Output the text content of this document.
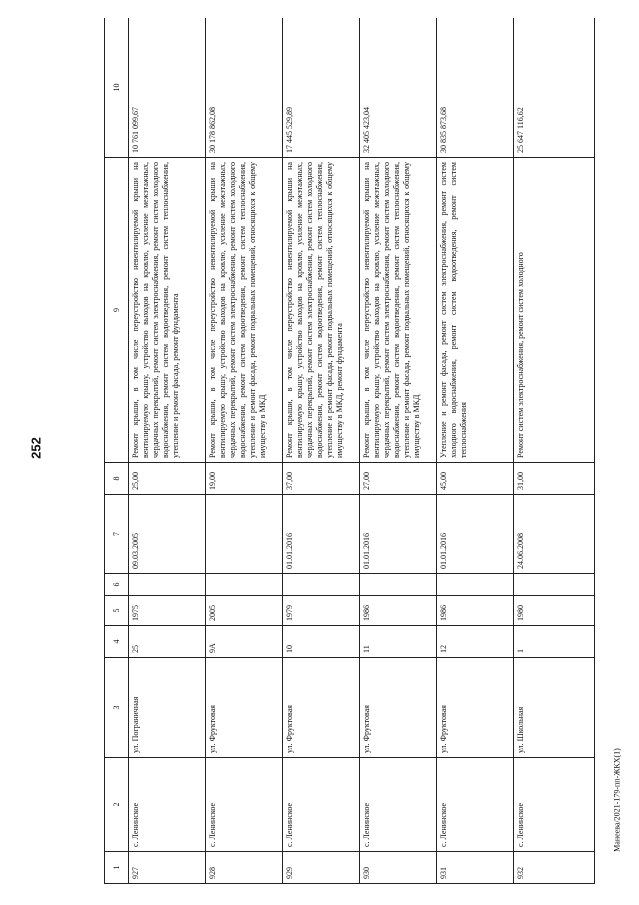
252
Манеева/2021-179-пп-ЖКХ(1)
1	2	3	4	5	6	7	8	9	10
927	с. Ленинское	ул. Пограничная	25	1975		09.03.2005	25,00	Ремонт крыши, в том числе переустройство невентилируемой крыши на вентилируемую крышу, устройство выходов на кровлю, усиление межэтажных, чердачных перекрытий, ремонт систем электроснабжения, ремонт систем холодного водоснабжения, ремонт систем водоотведения, ремонт систем теплоснабжения, утепление и ремонт фасада, ремонт фундамента	10 761 099,67
928	с. Ленинское	ул. Фруктовая	9А	2005			19,00	Ремонт крыши, в том числе переустройство невентилируемой крыши на вентилируемую крышу, устройство выходов на кровлю, усиление межэтажных, чердачных перекрытий, ремонт систем электроснабжения, ремонт систем холодного водоснабжения, ремонт систем водоотведения, ремонт систем теплоснабжения, утепление и ремонт фасада, ремонт подвальных помещений, относящихся к общему имуществу в МКД	30 178 862,08
929	с. Ленинское	ул. Фруктовая	10	1979		01.01.2016	37,00	Ремонт крыши, в том числе переустройство невентилируемой крыши на вентилируемую крышу, устройство выходов на кровлю, усиление межэтажных, чердачных перекрытий, ремонт систем электроснабжения, ремонт систем холодного водоснабжения, ремонт систем водоотведения, ремонт систем теплоснабжения, утепление и ремонт фасада, ремонт подвальных помещений, относящихся к общему имуществу в МКД, ремонт фундамента	17 445 529,89
930	с. Ленинское	ул. Фруктовая	11	1986		01.01.2016	27,00	Ремонт крыши, в том числе переустройство невентилируемой крыши на вентилируемую крышу, устройство выходов на кровлю, усиление межэтажных, чердачных перекрытий, ремонт систем электроснабжения, ремонт систем холодного водоснабжения, ремонт систем водоотведения, ремонт систем теплоснабжения, утепление и ремонт фасада, ремонт подвальных помещений, относящихся к общему имуществу в МКД	32 405 423,04
931	с. Ленинское	ул. Фруктовая	12	1986		01.01.2016	45,00	Утепление и ремонт фасада, ремонт систем электроснабжения, ремонт систем холодного водоснабжения, ремонт систем водоотведения, ремонт систем теплоснабжения	30 835 873,68
932	с. Ленинское	ул. Школьная	1	1980		24.06.2008	31,00	Ремонт систем электроснабжения, ремонт систем холодного	25 647 116,62
